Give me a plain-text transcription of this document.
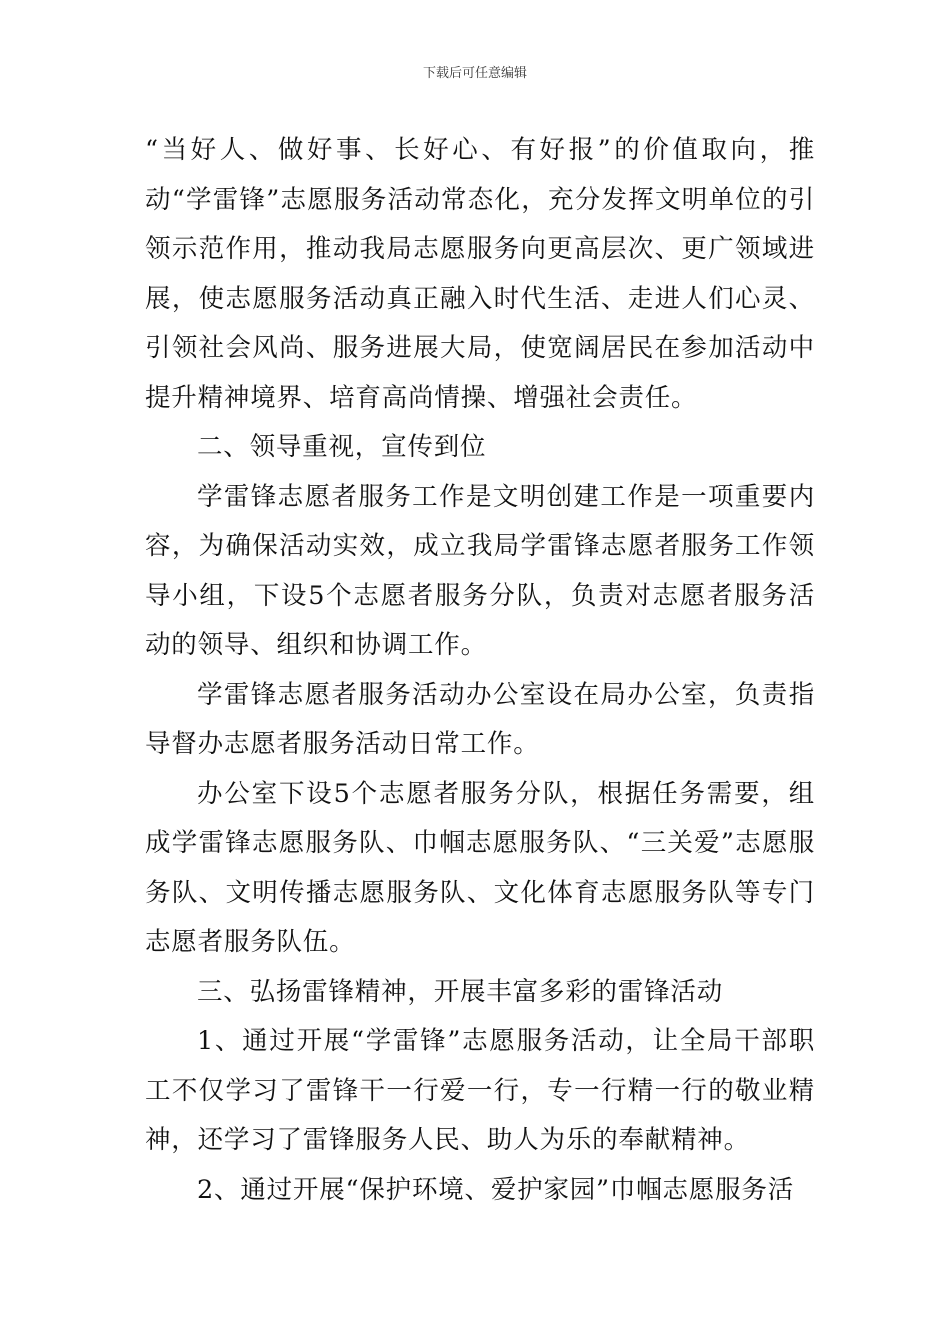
下载后可任意编辑

“当好人、做好事、长好心、有好报”的价值取向，推动“学雷锋”志愿服务活动常态化，充分发挥文明单位的引领示范作用，推动我局志愿服务向更高层次、更广领域进展，使志愿服务活动真正融入时代生活、走进人们心灵、引领社会风尚、服务进展大局，使宽阔居民在参加活动中提升精神境界、培育高尚情操、增强社会责任。

二、领导重视，宣传到位

学雷锋志愿者服务工作是文明创建工作是一项重要内容，为确保活动实效，成立我局学雷锋志愿者服务工作领导小组，下设5个志愿者服务分队，负责对志愿者服务活动的领导、组织和协调工作。

学雷锋志愿者服务活动办公室设在局办公室，负责指导督办志愿者服务活动日常工作。

办公室下设5个志愿者服务分队，根据任务需要，组成学雷锋志愿服务队、巾帼志愿服务队、“三关爱”志愿服务队、文明传播志愿服务队、文化体育志愿服务队等专门志愿者服务队伍。

三、弘扬雷锋精神，开展丰富多彩的雷锋活动

1、通过开展“学雷锋”志愿服务活动，让全局干部职工不仅学习了雷锋干一行爱一行，专一行精一行的敬业精神，还学习了雷锋服务人民、助人为乐的奉献精神。

2、通过开展“保护环境、爱护家园”巾帼志愿服务活
